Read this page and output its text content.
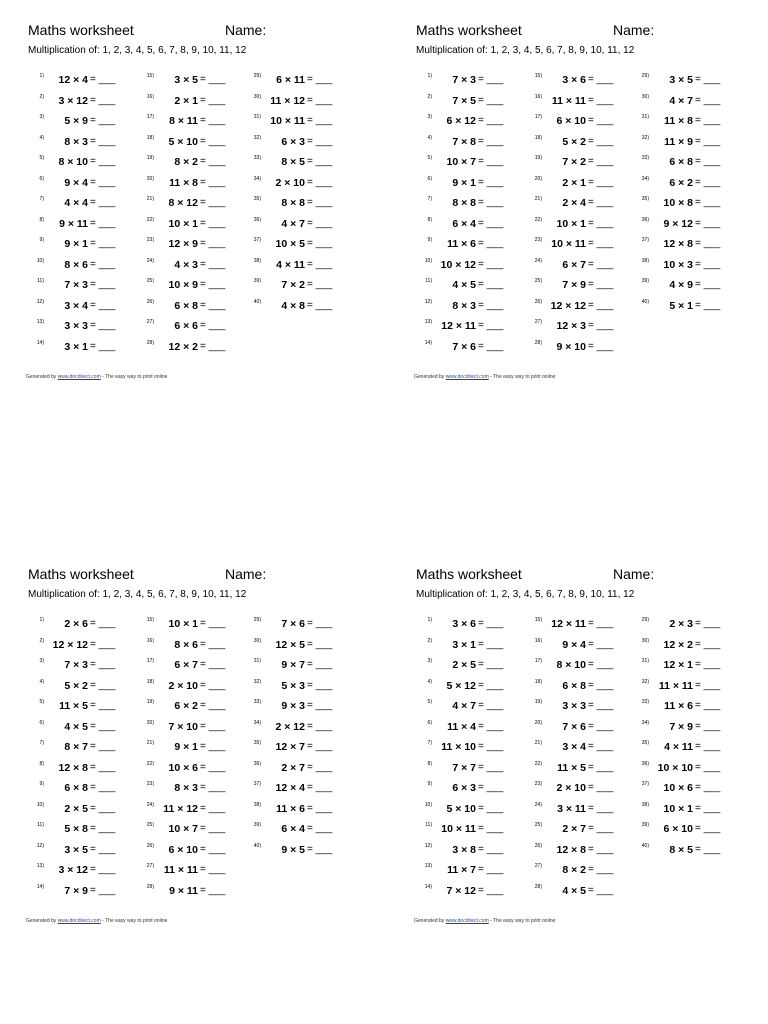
Maths worksheet	Name:
Multiplication of: 1, 2, 3, 4, 5, 6, 7, 8, 9, 10, 11, 12
1)	12 × 4 = ___
2)	3 × 12 = ___
3)	5 × 9 = ___
4)	8 × 3 = ___
5)	8 × 10 = ___
6)	9 × 4 = ___
7)	4 × 4 = ___
8)	9 × 11 = ___
9)	9 × 1 = ___
10)	8 × 6 = ___
11)	7 × 3 = ___
12)	3 × 4 = ___
13)	3 × 3 = ___
14)	3 × 1 = ___
15)	3 × 5 = ___
16)	2 × 1 = ___
17)	8 × 11 = ___
18)	5 × 10 = ___
19)	8 × 2 = ___
20)	11 × 8 = ___
21)	8 × 12 = ___
22)	10 × 1 = ___
23)	12 × 9 = ___
24)	4 × 3 = ___
25)	10 × 9 = ___
26)	6 × 8 = ___
27)	6 × 6 = ___
28)	12 × 2 = ___
29)	6 × 11 = ___
30) 11 × 12 = ___
31) 10 × 11 = ___
32)	6 × 3 = ___
33)	8 × 5 = ___
34)	2 × 10 = ___
35)	8 × 8 = ___
36)	4 × 7 = ___
37)	10 × 5 = ___
38)	4 × 11 = ___
39)	7 × 2 = ___
40)	4 × 8 = ___
Generated by www.docdirect.com - The easy way to print online
Maths worksheet	Name:
Multiplication of: 1, 2, 3, 4, 5, 6, 7, 8, 9, 10, 11, 12
1)	7 × 3 = ___
2)	7 × 5 = ___
3)	6 × 12 = ___
4)	7 × 8 = ___
5)	10 × 7 = ___
6)	9 × 1 = ___
7)	8 × 8 = ___
8)	6 × 4 = ___
9)	11 × 6 = ___
10) 10 × 12 = ___
11)	4 × 5 = ___
12)	8 × 3 = ___
13) 12 × 11 = ___
14)	7 × 6 = ___
15)	3 × 6 = ___
16) 11 × 11 = ___
17)	6 × 10 = ___
18)	5 × 2 = ___
19)	7 × 2 = ___
20)	2 × 1 = ___
21)	2 × 4 = ___
22)	10 × 1 = ___
23) 10 × 11 = ___
24)	6 × 7 = ___
25)	7 × 9 = ___
26) 12 × 12 = ___
27)	12 × 3 = ___
28)	9 × 10 = ___
29)	3 × 5 = ___
30)	4 × 7 = ___
31)	11 × 8 = ___
32)	11 × 9 = ___
33)	6 × 8 = ___
34)	6 × 2 = ___
35)	10 × 8 = ___
36)	9 × 12 = ___
37)	12 × 8 = ___
38)	10 × 3 = ___
39)	4 × 9 = ___
40)	5 × 1 = ___
Generated by www.docdirect.com - The easy way to print online
Maths worksheet	Name:
Multiplication of: 1, 2, 3, 4, 5, 6, 7, 8, 9, 10, 11, 12
1)	2 × 6 = ___
2) 12 × 12 = ___
3)	7 × 3 = ___
4)	5 × 2 = ___
5)	11 × 5 = ___
6)	4 × 5 = ___
7)	8 × 7 = ___
8)	12 × 8 = ___
9)	6 × 8 = ___
10)	2 × 5 = ___
11)	5 × 8 = ___
12)	3 × 5 = ___
13)	3 × 12 = ___
14)	7 × 9 = ___
15)	10 × 1 = ___
16)	8 × 6 = ___
17)	6 × 7 = ___
18)	2 × 10 = ___
19)	6 × 2 = ___
20)	7 × 10 = ___
21)	9 × 1 = ___
22)	10 × 6 = ___
23)	8 × 3 = ___
24) 11 × 12 = ___
25)	10 × 7 = ___
26)	6 × 10 = ___
27) 11 × 11 = ___
28)	9 × 11 = ___
29)	7 × 6 = ___
30)	12 × 5 = ___
31)	9 × 7 = ___
32)	5 × 3 = ___
33)	9 × 3 = ___
34)	2 × 12 = ___
35)	12 × 7 = ___
36)	2 × 7 = ___
37)	12 × 4 = ___
38)	11 × 6 = ___
39)	6 × 4 = ___
40)	9 × 5 = ___
Generated by www.docdirect.com - The easy way to print online
Maths worksheet	Name:
Multiplication of: 1, 2, 3, 4, 5, 6, 7, 8, 9, 10, 11, 12
1)	3 × 6 = ___
2)	3 × 1 = ___
3)	2 × 5 = ___
4)	5 × 12 = ___
5)	4 × 7 = ___
6)	11 × 4 = ___
7) 11 × 10 = ___
8)	7 × 7 = ___
9)	6 × 3 = ___
10)	5 × 10 = ___
11) 10 × 11 = ___
12)	3 × 8 = ___
13)	11 × 7 = ___
14)	7 × 12 = ___
15) 12 × 11 = ___
16)	9 × 4 = ___
17)	8 × 10 = ___
18)	6 × 8 = ___
19)	3 × 3 = ___
20)	7 × 6 = ___
21)	3 × 4 = ___
22)	11 × 5 = ___
23)	2 × 10 = ___
24)	3 × 11 = ___
25)	2 × 7 = ___
26)	12 × 8 = ___
27)	8 × 2 = ___
28)	4 × 5 = ___
29)	2 × 3 = ___
30)	12 × 2 = ___
31)	12 × 1 = ___
32) 11 × 11 = ___
33)	11 × 6 = ___
34)	7 × 9 = ___
35)	4 × 11 = ___
36) 10 × 10 = ___
37)	10 × 6 = ___
38)	10 × 1 = ___
39)	6 × 10 = ___
40)	8 × 5 = ___
Generated by www.docdirect.com - The easy way to print online
